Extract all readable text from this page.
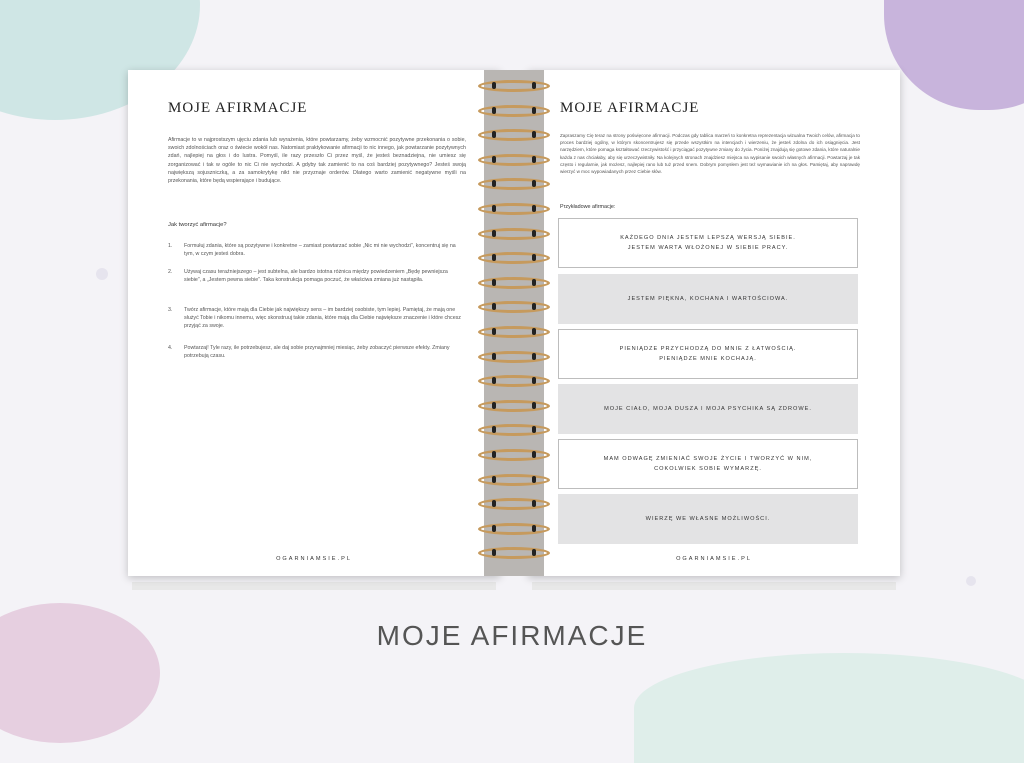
MOJE AFIRMACJE

Afirmacje to w najprostszym ujęciu zdania lub wyrażenia, które powtarzamy, żeby wzmocnić pozytywne przekonania o sobie, swoich zdolnościach oraz o świecie wokół nas. Natomiast praktykowanie afirmacji to nic innego, jak powtarzanie pozytywnych zdań, najlepiej na głos i do lustra. Pomyśl, ile razy przeszło Ci przez myśl, że jesteś beznadziejna, nie umiesz się zorganizować i tak w ogóle to nic Ci nie wychodzi. A gdyby tak zamienić to na coś bardziej pozytywnego? Jesteś swoją największą sojuszniczką, a za samokrytykę nikt nie przyznaje orderów. Dlatego warto zamienić negatywne myśli na przekonania, które będą wspierające i budujące.

Jak tworzyć afirmacje?
1. Formułuj zdania, które są pozytywne i konkretne – zamiast powtarzać sobie „Nic mi nie wychodzi”, koncentruj się na tym, w czym jesteś dobra.
2. Używaj czasu teraźniejszego – jest subtelna, ale bardzo istotna różnica między powiedzeniem „Będę pewniejsza siebie”, a „Jestem pewna siebie”. Taka konstrukcja pomaga poczuć, że właściwa zmiana już nastąpiła.
3. Twórz afirmacje, które mają dla Ciebie jak największy sens – im bardziej osobiste, tym lepiej. Pamiętaj, że mają one służyć Tobie i nikomu innemu, więc skonstruuj takie zdania, które mają dla Ciebie największe znaczenie i które chcesz przyjąć za swoje.
4. Powtarzaj! Tyle razy, ile potrzebujesz, ale daj sobie przynajmniej miesiąc, żeby zobaczyć pierwsze efekty. Zmiany potrzebują czasu.
OGARNIAMSIE.PL
MOJE AFIRMACJE

Zapraszamy Cię teraz na strony poświęcone afirmacji. Podczas gdy tablica marzeń to konkretna reprezentacja wizualna Twoich celów, afirmacja to proces bardziej ogólny, w którym skoncentrujesz się przede wszystkim na intencjach i wierzeniu, że jesteś zdolna do ich osiągnięcia. Jest narzędziem, które pomaga kształtować rzeczywistość i przyciągać pozytywne zmiany do życia. Poniżej znajdują się gotowe zdania, które naturalnie każda z nas chciałaby, aby się urzeczywistniły. Na kolejnych stronach znajdziesz miejsca na wypisanie swoich własnych afirmacji. Powtarzaj je tak często i regularnie, jak możesz, najlepiej rano lub tuż przed snem. Dobrym pomysłem jest też wymawianie ich na głos. Pamiętaj, aby naprawdę wierzyć w moc wypowiadanych przez Ciebie słów.

Przykładowe afirmacje:
KAŻDEGO DNIA JESTEM LEPSZĄ WERSJĄ SIEBIE.
JESTEM WARTA WŁOŻONEJ W SIEBIE PRACY.
JESTEM PIĘKNA, KOCHANA I WARTOŚCIOWA.
PIENIĄDZE PRZYCHODZĄ DO MNIE Z ŁATWOŚCIĄ.
PIENIĄDZE MNIE KOCHAJĄ.
MOJE CIAŁO, MOJA DUSZA I MOJA PSYCHIKA SĄ ZDROWE.
MAM ODWAGĘ ZMIENIAĆ SWOJE ŻYCIE I TWORZYĆ W NIM,
COKOLWIEK SOBIE WYMARZĘ.
WIERZĘ WE WŁASNE MOŻLIWOŚCI.
OGARNIAMSIE.PL
MOJE AFIRMACJE
